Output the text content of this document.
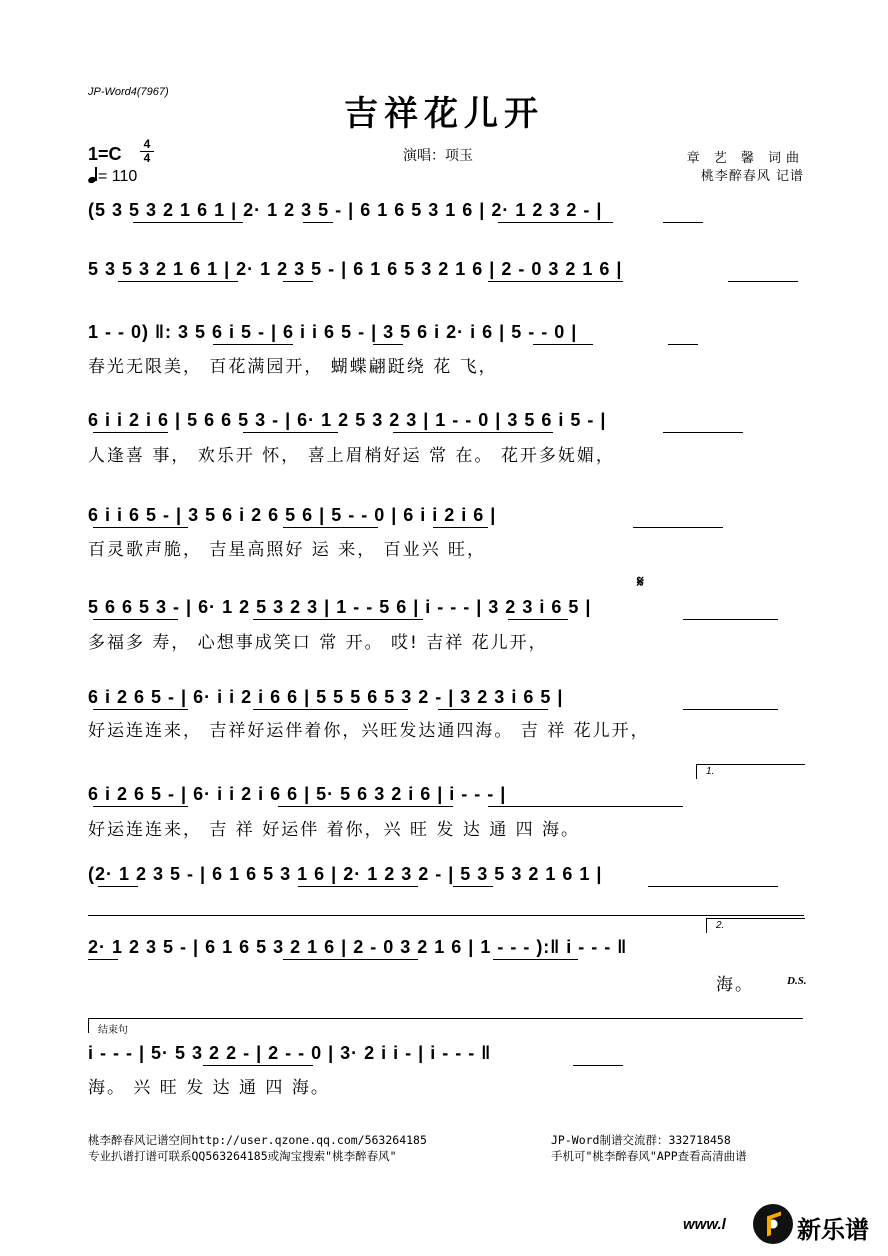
JP-Word4(7967)
吉祥花儿开
1=C	4
4
= 110
演唱：项玉	章 艺 馨 词曲
桃李醉春风 记谱
(5 3 5 3 2 1 6 1 | 2· 1 2 3 5 - | 6 1 6 5 3 1 6 | 2· 1 2 3 2 - |
5 3 5 3 2 1 6 1 | 2· 1 2 3 5 - | 6 1 6 5 3 2 1 6 | 2 - 0 3 2 1 6 |
1 - - 0) ‖: 3 5 6 i 5 - | 6 i i 6 5 - | 3 5 6 i 2· i 6 | 5 - - 0 |
春光无限美， 百花满园开， 蝴蝶翩跹绕 花 飞，
6 i i 2 i 6 | 5 6 6 5 3 - | 6· 1 2 5 3 2 3 | 1 - - 0 | 3 5 6 i 5 - |
人逢喜 事， 欢乐开 怀， 喜上眉梢好运 常 在。 花开多妩媚，
6 i i 6 5 - | 3 5 6 i 2 6 5 6 | 5 - - 0 | 6 i i 2 i 6 |
百灵歌声脆， 吉星高照好 运 来， 百业兴 旺，
5 6 6 5 3 - | 6· 1 2 5 3 2 3 | 1 - - 5 6 | i - - - | 3 2 3 i 6 5 |
多福多 寿， 心想事成笑口 常 开。 哎! 吉祥 花儿开，
6 i 2 6 5 - | 6· i i 2 i 6 6 | 5 5 5 6 5 3 2 - | 3 2 3 i 6 5 |
好运连连来， 吉祥好运伴着你，兴旺发达通四海。 吉 祥 花儿开，
6 i 2 6 5 - | 6· i i 2 i 6 6 | 5· 5 6 3 2 i 6 | i - - - |
好运连连来， 吉 祥 好运伴 着你，兴 旺 发 达 通 四 海。
(2· 1 2 3 5 - | 6 1 6 5 3 1 6 | 2· 1 2 3 2 - | 5 3 5 3 2 1 6 1 |
2· 1 2 3 5 - | 6 1 6 5 3 2 1 6 | 2 - 0 3 2 1 6 | 1 - - - ):‖ i - - - ‖
海。
i - - - | 5· 5 3 2 2 - | 2 - - 0 | 3· 2 i i - | i - - - ‖
海。 兴 旺 发 达 通 四 海。
1.
2.
𝄋
D.S.
结束句
桃李醉春风记谱空间http://user.qzone.qq.com/563264185
专业扒谱打谱可联系QQ563264185或淘宝搜索"桃李醉春风"
JP-Word制谱交流群：332718458
手机可"桃李醉春风"APP查看高清曲谱
www.l	新乐谱
